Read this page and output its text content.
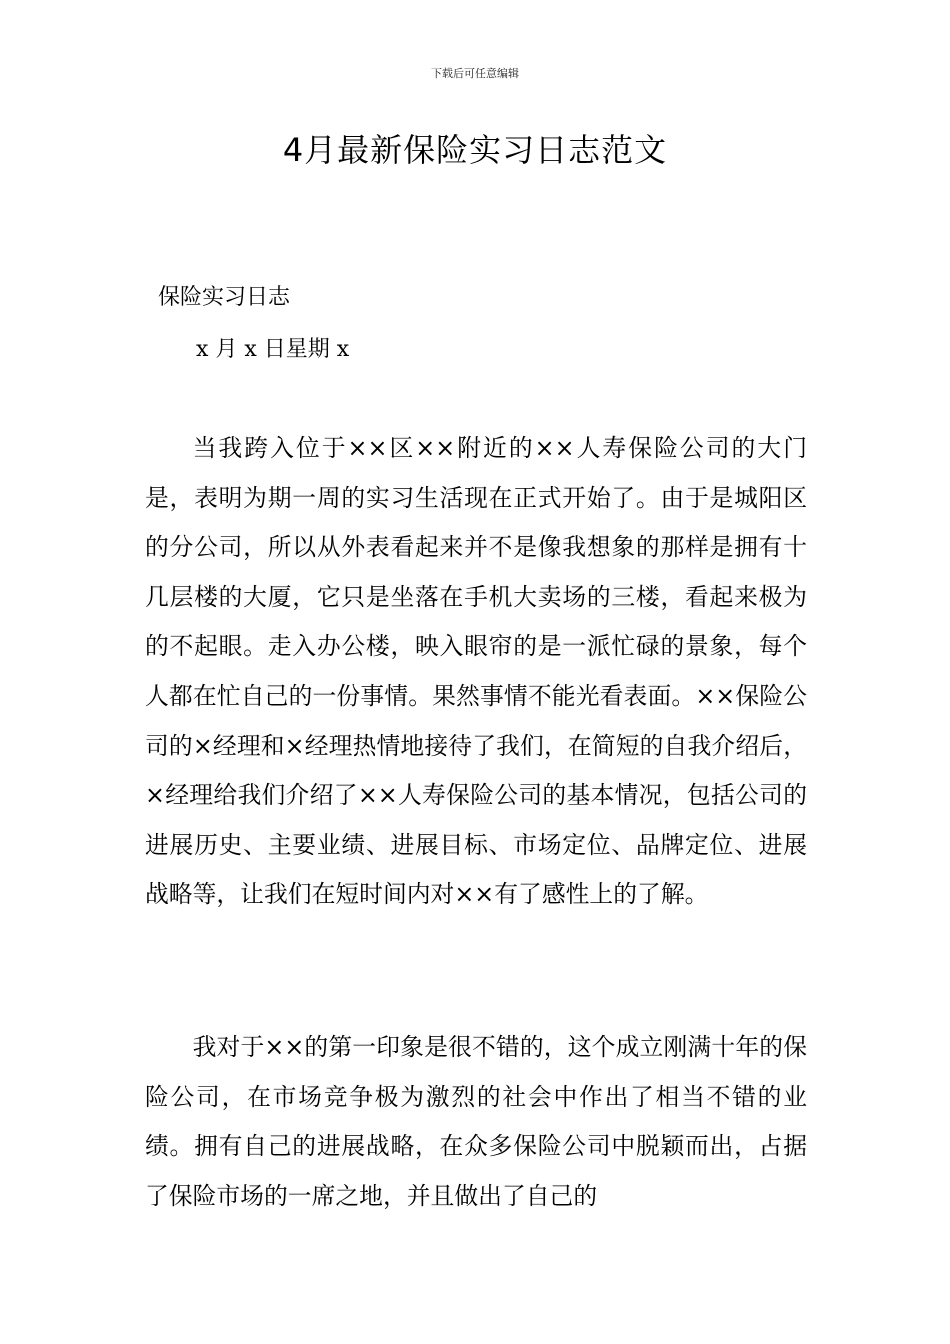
下载后可任意编辑
4月最新保险实习日志范文
保险实习日志
x 月 x 日星期 x

当我跨入位于××区××附近的××人寿保险公司的大门是，表明为期一周的实习生活现在正式开始了。由于是城阳区的分公司，所以从外表看起来并不是像我想象的那样是拥有十几层楼的大厦，它只是坐落在手机大卖场的三楼，看起来极为的不起眼。走入办公楼，映入眼帘的是一派忙碌的景象，每个人都在忙自己的一份事情。果然事情不能光看表面。××保险公司的×经理和×经理热情地接待了我们，在简短的自我介绍后，×经理给我们介绍了××人寿保险公司的基本情况，包括公司的进展历史、主要业绩、进展目标、市场定位、品牌定位、进展战略等，让我们在短时间内对××有了感性上的了解。

我对于××的第一印象是很不错的，这个成立刚满十年的保险公司，在市场竞争极为激烈的社会中作出了相当不错的业绩。拥有自己的进展战略，在众多保险公司中脱颖而出，占据了保险市场的一席之地，并且做出了自己的
